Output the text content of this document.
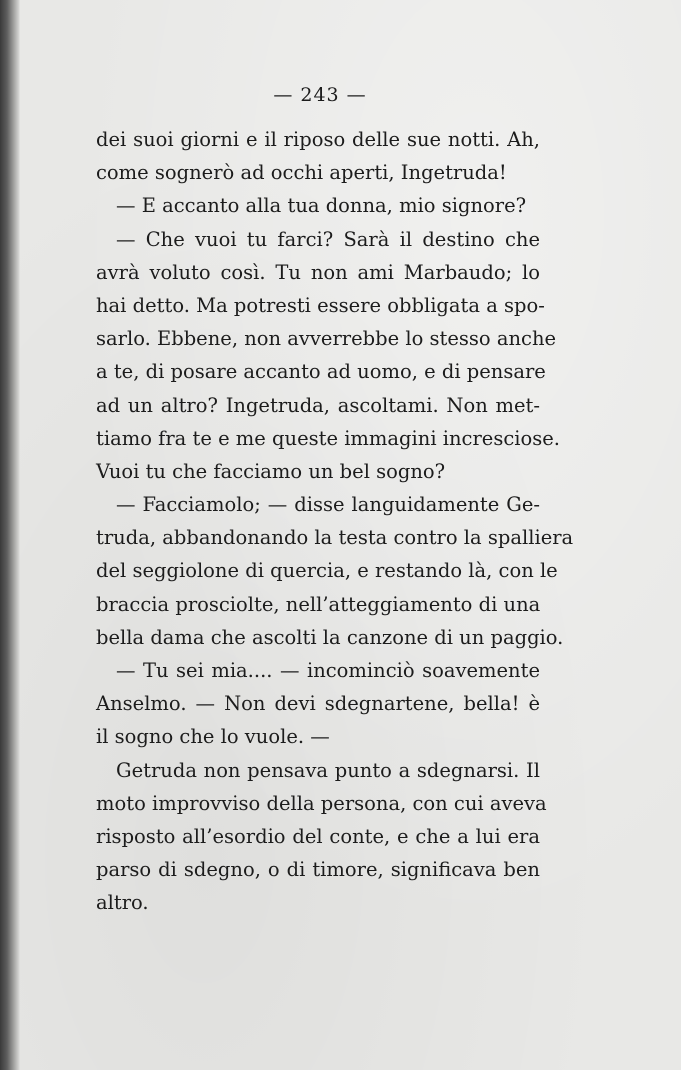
— 243 —
dei suoi giorni e il riposo delle sue notti. Ah,
come sognerò ad occhi aperti, Ingetruda!
— E accanto alla tua donna, mio signore?
— Che vuoi tu farci? Sarà il destino che
avrà voluto così. Tu non ami Marbaudo; lo
hai detto. Ma potresti essere obbligata a spo-
sarlo. Ebbene, non avverrebbe lo stesso anche
a te, di posare accanto ad uomo, e di pensare
ad un altro? Ingetruda, ascoltami. Non met-
tiamo fra te e me queste immagini incresciose.
Vuoi tu che facciamo un bel sogno?
— Facciamolo; — disse languidamente Ge-
truda, abbandonando la testa contro la spalliera
del seggiolone di quercia, e restando là, con le
braccia prosciolte, nell’atteggiamento di una
bella dama che ascolti la canzone di un paggio.
— Tu sei mia.... — incominciò soavemente
Anselmo. — Non devi sdegnartene, bella! è
il sogno che lo vuole. —
Getruda non pensava punto a sdegnarsi. Il
moto improvviso della persona, con cui aveva
risposto all’esordio del conte, e che a lui era
parso di sdegno, o di timore, significava ben
altro.
